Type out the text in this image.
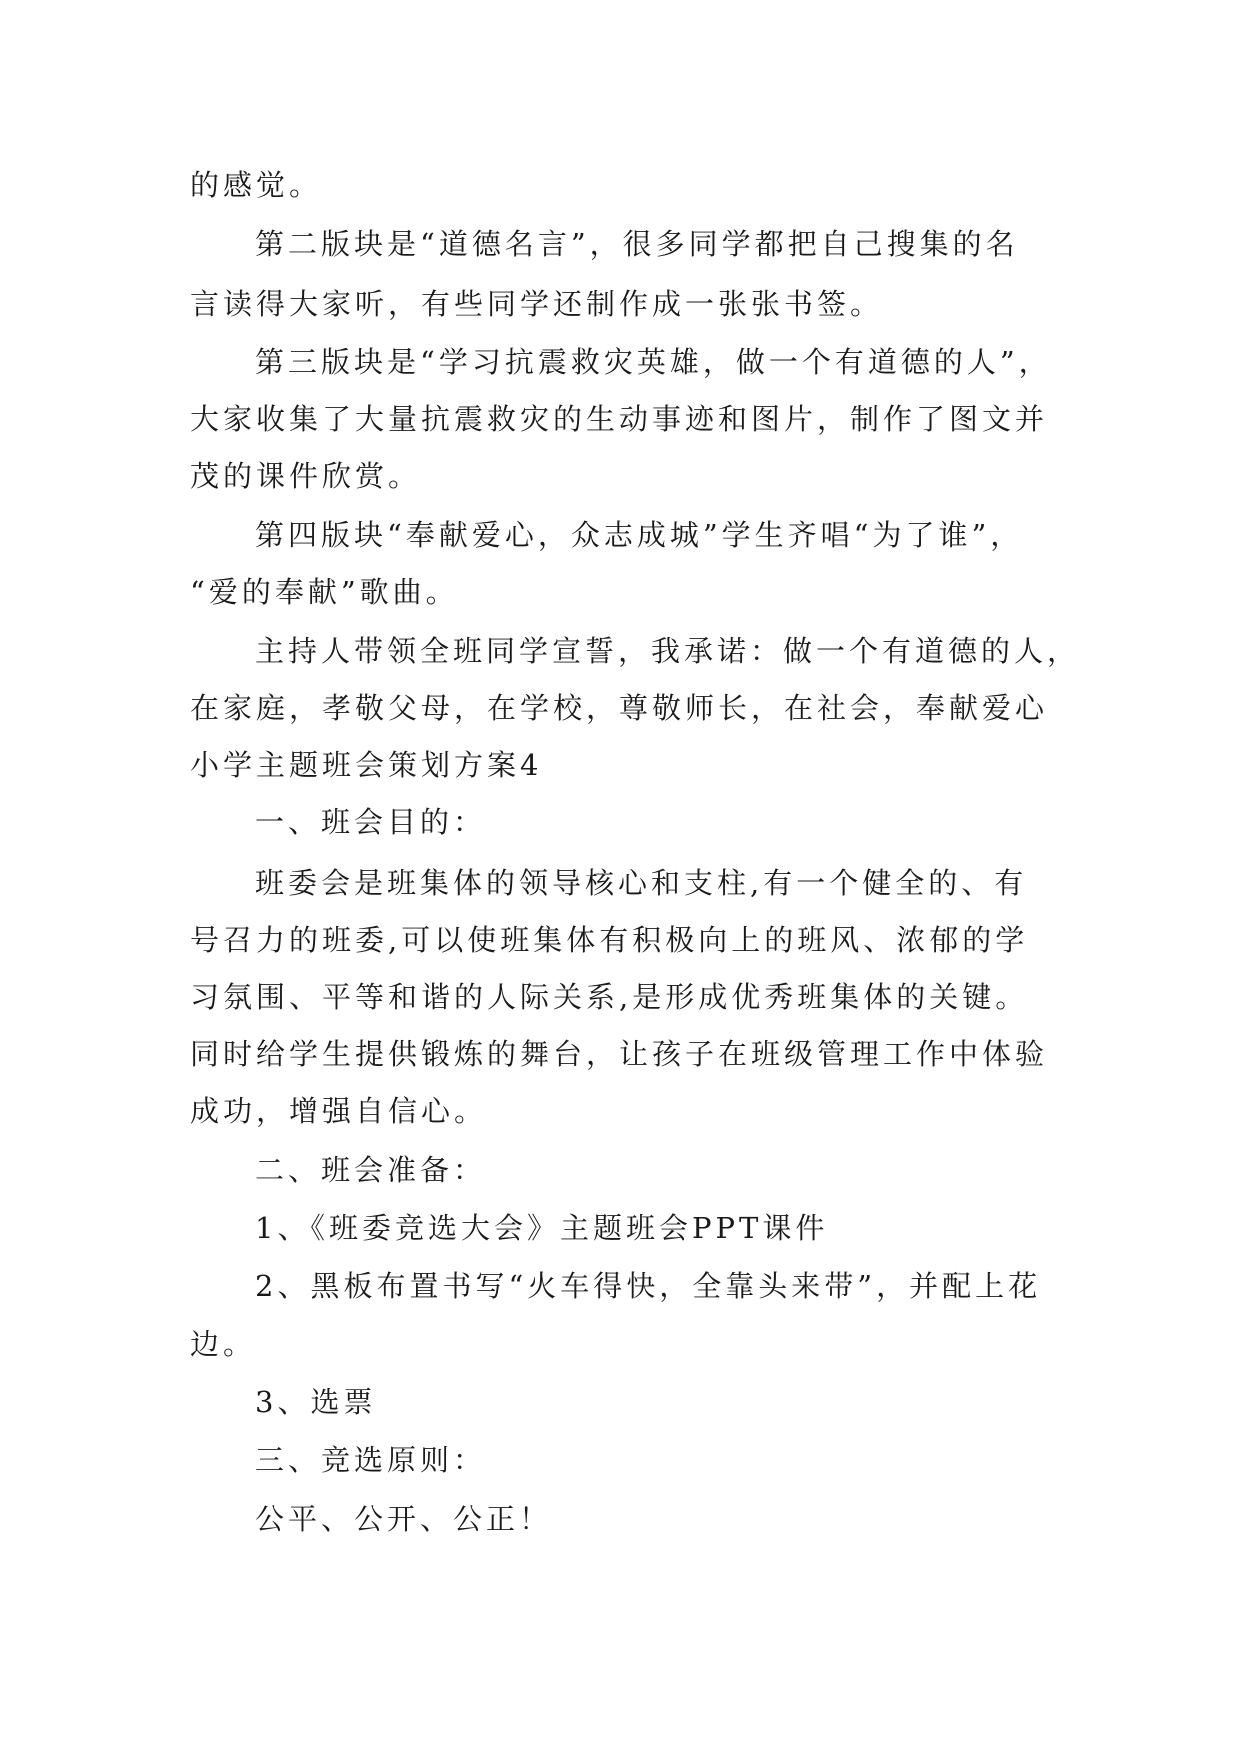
的感觉。
第二版块是“道德名言”，很多同学都把自己搜集的名
言读得大家听，有些同学还制作成一张张书签。
第三版块是“学习抗震救灾英雄，做一个有道德的人”，
大家收集了大量抗震救灾的生动事迹和图片，制作了图文并
茂的课件欣赏。
第四版块“奉献爱心，众志成城”学生齐唱“为了谁”，
“爱的奉献”歌曲。
主持人带领全班同学宣誓，我承诺：做一个有道德的人，
在家庭，孝敬父母，在学校，尊敬师长，在社会，奉献爱心
小学主题班会策划方案4
一、班会目的：
班委会是班集体的领导核心和支柱,有一个健全的、有
号召力的班委,可以使班集体有积极向上的班风、浓郁的学
习氛围、平等和谐的人际关系,是形成优秀班集体的关键。
同时给学生提供锻炼的舞台，让孩子在班级管理工作中体验
成功，增强自信心。
二、班会准备：
1、《班委竞选大会》主题班会PPT课件
2、黑板布置书写“火车得快，全靠头来带”，并配上花
边。
3、选票
三、竞选原则：
公平、公开、公正！
